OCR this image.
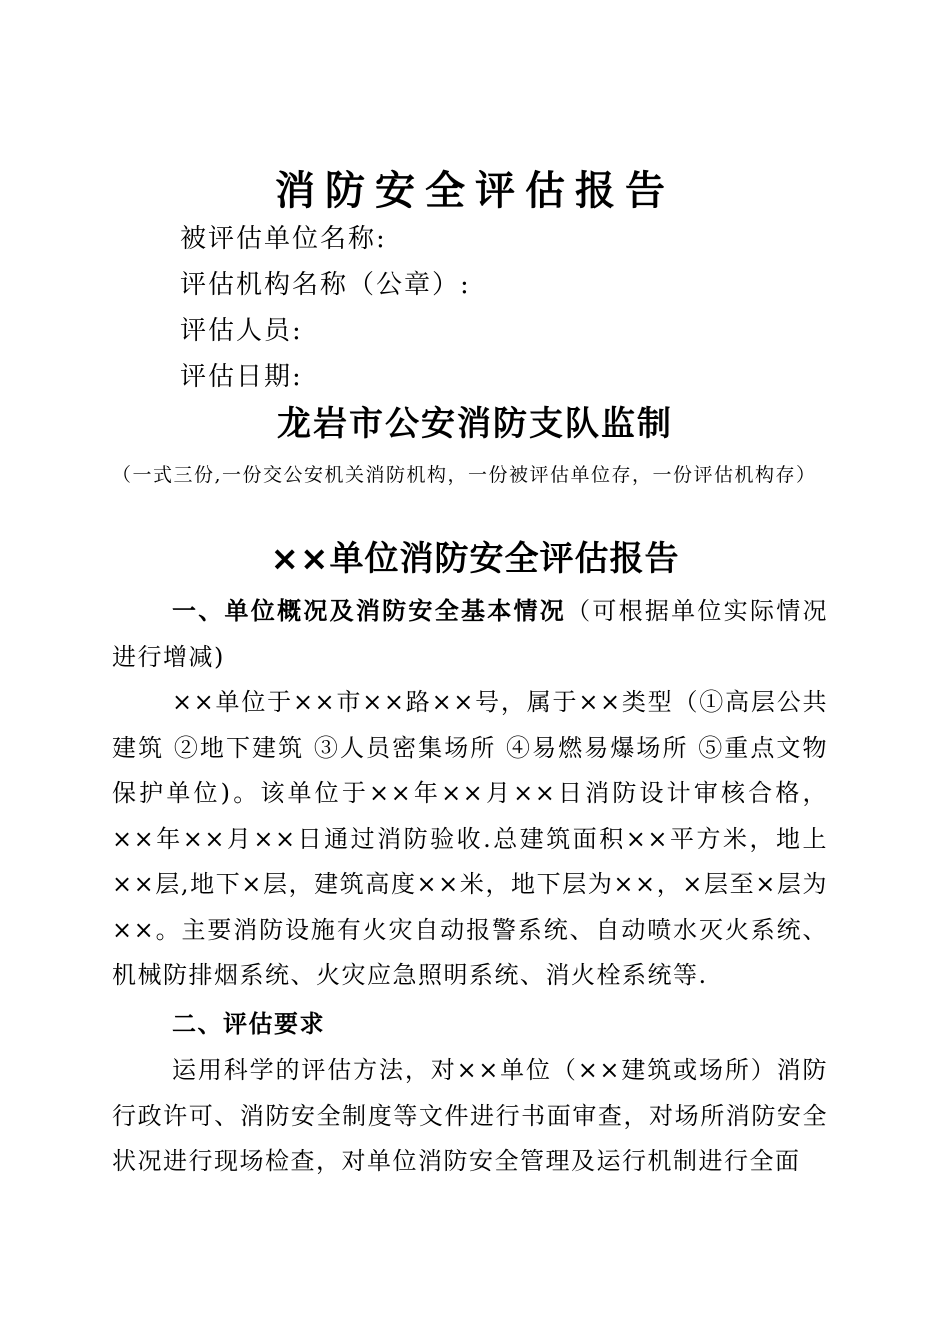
消防安全评估报告
被评估单位名称:
评估机构名称（公章）:
评估人员:
评估日期:
龙岩市公安消防支队监制
（一式三份,一份交公安机关消防机构，一份被评估单位存，一份评估机构存）
××单位消防安全评估报告
一、单位概况及消防安全基本情况（可根据单位实际情况进行增减)
××单位于××市××路××号，属于××类型（①高层公共建筑 ②地下建筑 ③人员密集场所 ④易燃易爆场所 ⑤重点文物保护单位)。该单位于××年××月××日消防设计审核合格，××年××月××日通过消防验收.总建筑面积××平方米，地上××层,地下×层，建筑高度××米，地下层为××，×层至×层为××。主要消防设施有火灾自动报警系统、自动喷水灭火系统、机械防排烟系统、火灾应急照明系统、消火栓系统等.
二、评估要求
运用科学的评估方法，对××单位（××建筑或场所）消防行政许可、消防安全制度等文件进行书面审查，对场所消防安全状况进行现场检查，对单位消防安全管理及运行机制进行全面
